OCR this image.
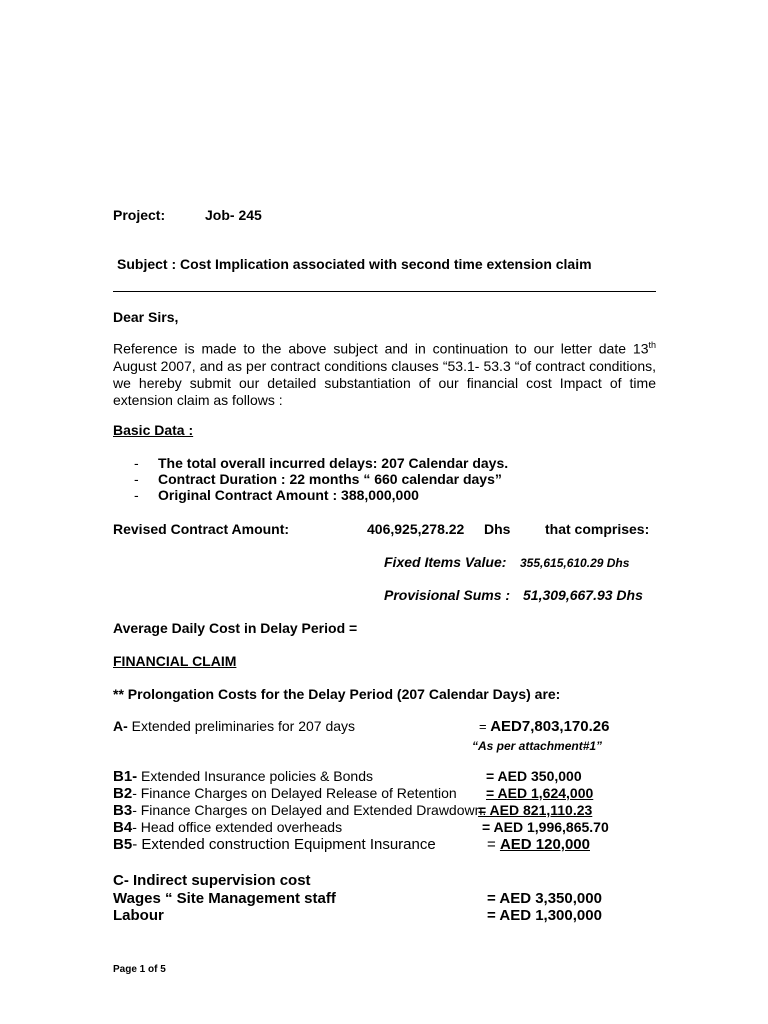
Project:	Job- 245
Subject : Cost Implication associated with second time extension claim
Dear Sirs,
Reference is made to the above subject and in continuation to our letter date 13th August 2007, and as per contract conditions clauses “53.1- 53.3 “of contract conditions, we hereby submit our detailed substantiation of our financial cost Impact of time extension claim as follows :
Basic Data :
- The total overall incurred delays: 207 Calendar days.
- Contract Duration : 22 months “ 660 calendar days”
- Original Contract Amount : 388,000,000
Revised Contract Amount:	406,925,278.22 Dhs that comprises:
Fixed Items Value: 355,615,610.29 Dhs
Provisional Sums : 51,309,667.93 Dhs
Average Daily Cost in Delay Period =
FINANCIAL CLAIM
** Prolongation Costs for the Delay Period (207 Calendar Days) are:
A- Extended preliminaries for 207 days	= AED7,803,170.26
“As per attachment#1”
B1- Extended Insurance policies & Bonds	= AED 350,000
B2- Finance Charges on Delayed Release of Retention = AED 1,624,000
B3- Finance Charges on Delayed and Extended Drawdown:
= AED 821,110.23
B4- Head office extended overheads	= AED 1,996,865.70
B5- Extended construction Equipment Insurance	= AED 120,000
C- Indirect supervision cost
Wages “ Site Management staff	= AED 3,350,000
Labour	= AED 1,300,000
Page 1 of 5
